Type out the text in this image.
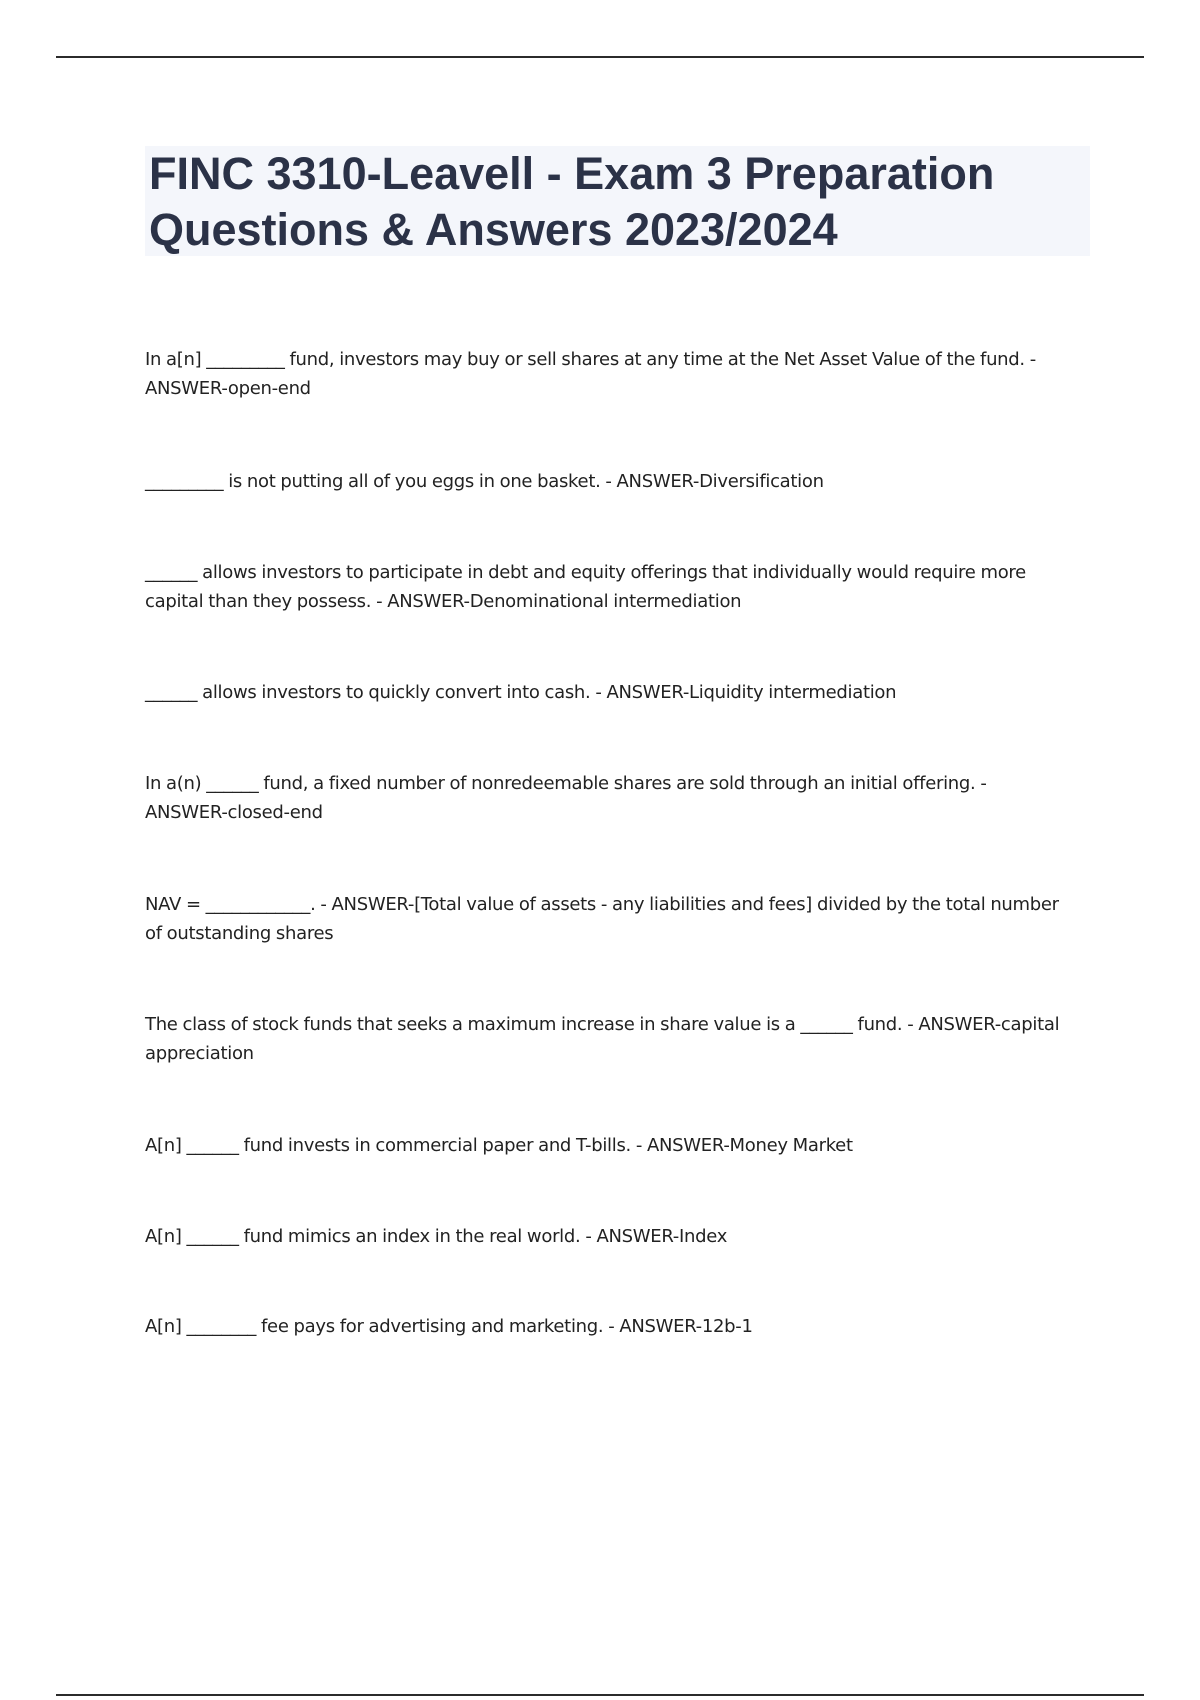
FINC 3310-Leavell - Exam 3 Preparation
Questions & Answers 2023/2024
In a[n] _________ fund, investors may buy or sell shares at any time at the Net Asset Value of the fund. -
ANSWER-open-end
_________ is not putting all of you eggs in one basket. - ANSWER-Diversification
______ allows investors to participate in debt and equity offerings that individually would require more
capital than they possess. - ANSWER-Denominational intermediation
______ allows investors to quickly convert into cash. - ANSWER-Liquidity intermediation
In a(n) ______ fund, a fixed number of nonredeemable shares are sold through an initial offering. -
ANSWER-closed-end
NAV = ____________. - ANSWER-[Total value of assets - any liabilities and fees] divided by the total number
of outstanding shares
The class of stock funds that seeks a maximum increase in share value is a ______ fund. - ANSWER-capital
appreciation
A[n] ______ fund invests in commercial paper and T-bills. - ANSWER-Money Market
A[n] ______ fund mimics an index in the real world. - ANSWER-Index
A[n] ________ fee pays for advertising and marketing. - ANSWER-12b-1
